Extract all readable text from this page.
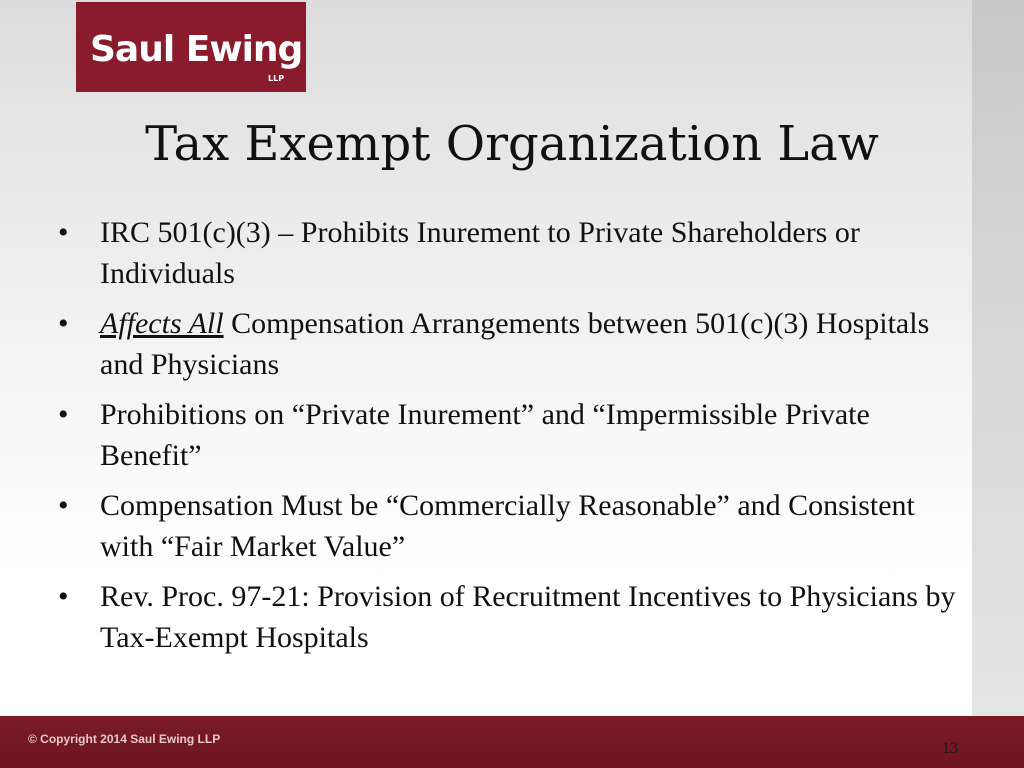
Saul Ewing
LLP
Tax Exempt Organization Law
• IRC 501(c)(3) – Prohibits Inurement to Private Shareholders or Individuals
• Affects All Compensation Arrangements between 501(c)(3) Hospitals and Physicians
• Prohibitions on “Private Inurement” and “Impermissible Private Benefit”
• Compensation Must be “Commercially Reasonable” and Consistent with “Fair Market Value”
• Rev. Proc. 97-21: Provision of Recruitment Incentives to Physicians by Tax-Exempt Hospitals
© Copyright 2014 Saul Ewing LLP
13
